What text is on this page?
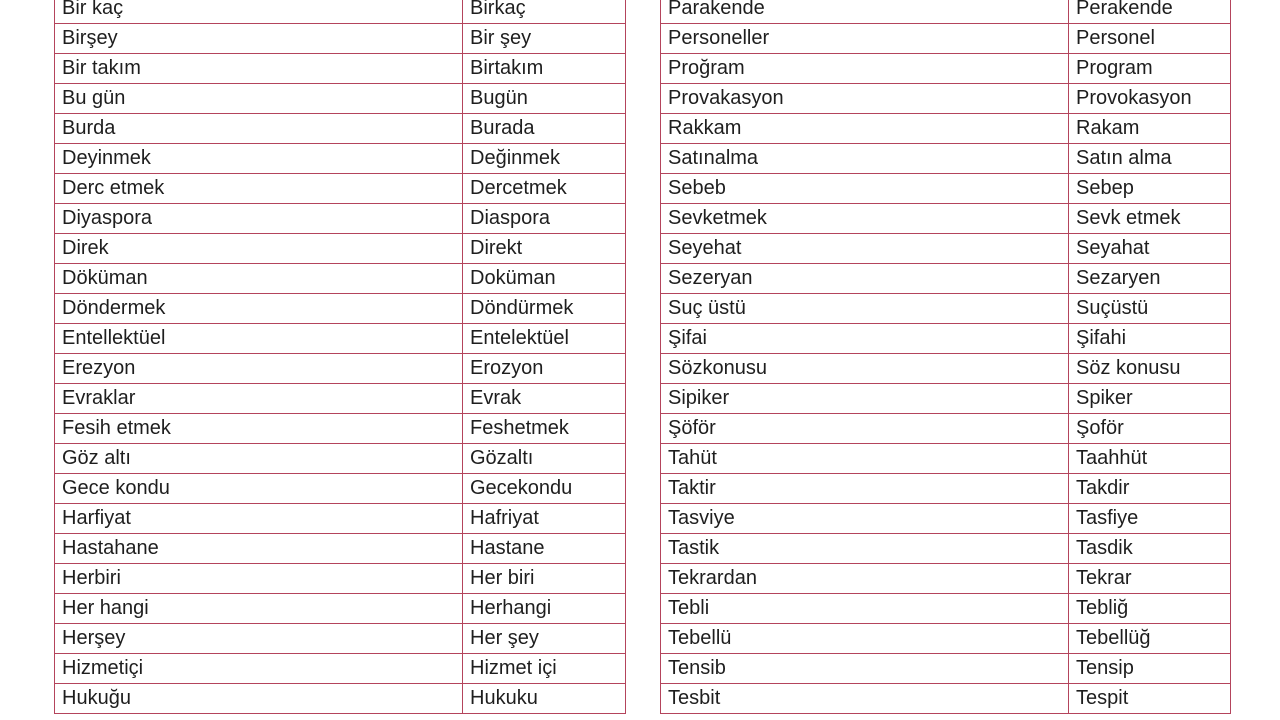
Bir kaç	Birkaç
Birşey	Bir şey
Bir takım	Birtakım
Bu gün	Bugün
Burda	Burada
Deyinmek	Değinmek
Derc etmek	Dercetmek
Diyaspora	Diaspora
Direk	Direkt
Döküman	Doküman
Döndermek	Döndürmek
Entellektüel	Entelektüel
Erezyon	Erozyon
Evraklar	Evrak
Fesih etmek	Feshetmek
Göz altı	Gözaltı
Gece kondu	Gecekondu
Harfiyat	Hafriyat
Hastahane	Hastane
Herbiri	Her biri
Her hangi	Herhangi
Herşey	Her şey
Hizmetiçi	Hizmet içi
Hukuğu	Hukuku
Parakende	Perakende
Personeller	Personel
Proğram	Program
Provakasyon	Provokasyon
Rakkam	Rakam
Satınalma	Satın alma
Sebeb	Sebep
Sevketmek	Sevk etmek
Seyehat	Seyahat
Sezeryan	Sezaryen
Suç üstü	Suçüstü
Şifai	Şifahi
Sözkonusu	Söz konusu
Sipiker	Spiker
Şöför	Şoför
Tahüt	Taahhüt
Taktir	Takdir
Tasviye	Tasfiye
Tastik	Tasdik
Tekrardan	Tekrar
Tebli	Tebliğ
Tebellü	Tebellüğ
Tensib	Tensip
Tesbit	Tespit
